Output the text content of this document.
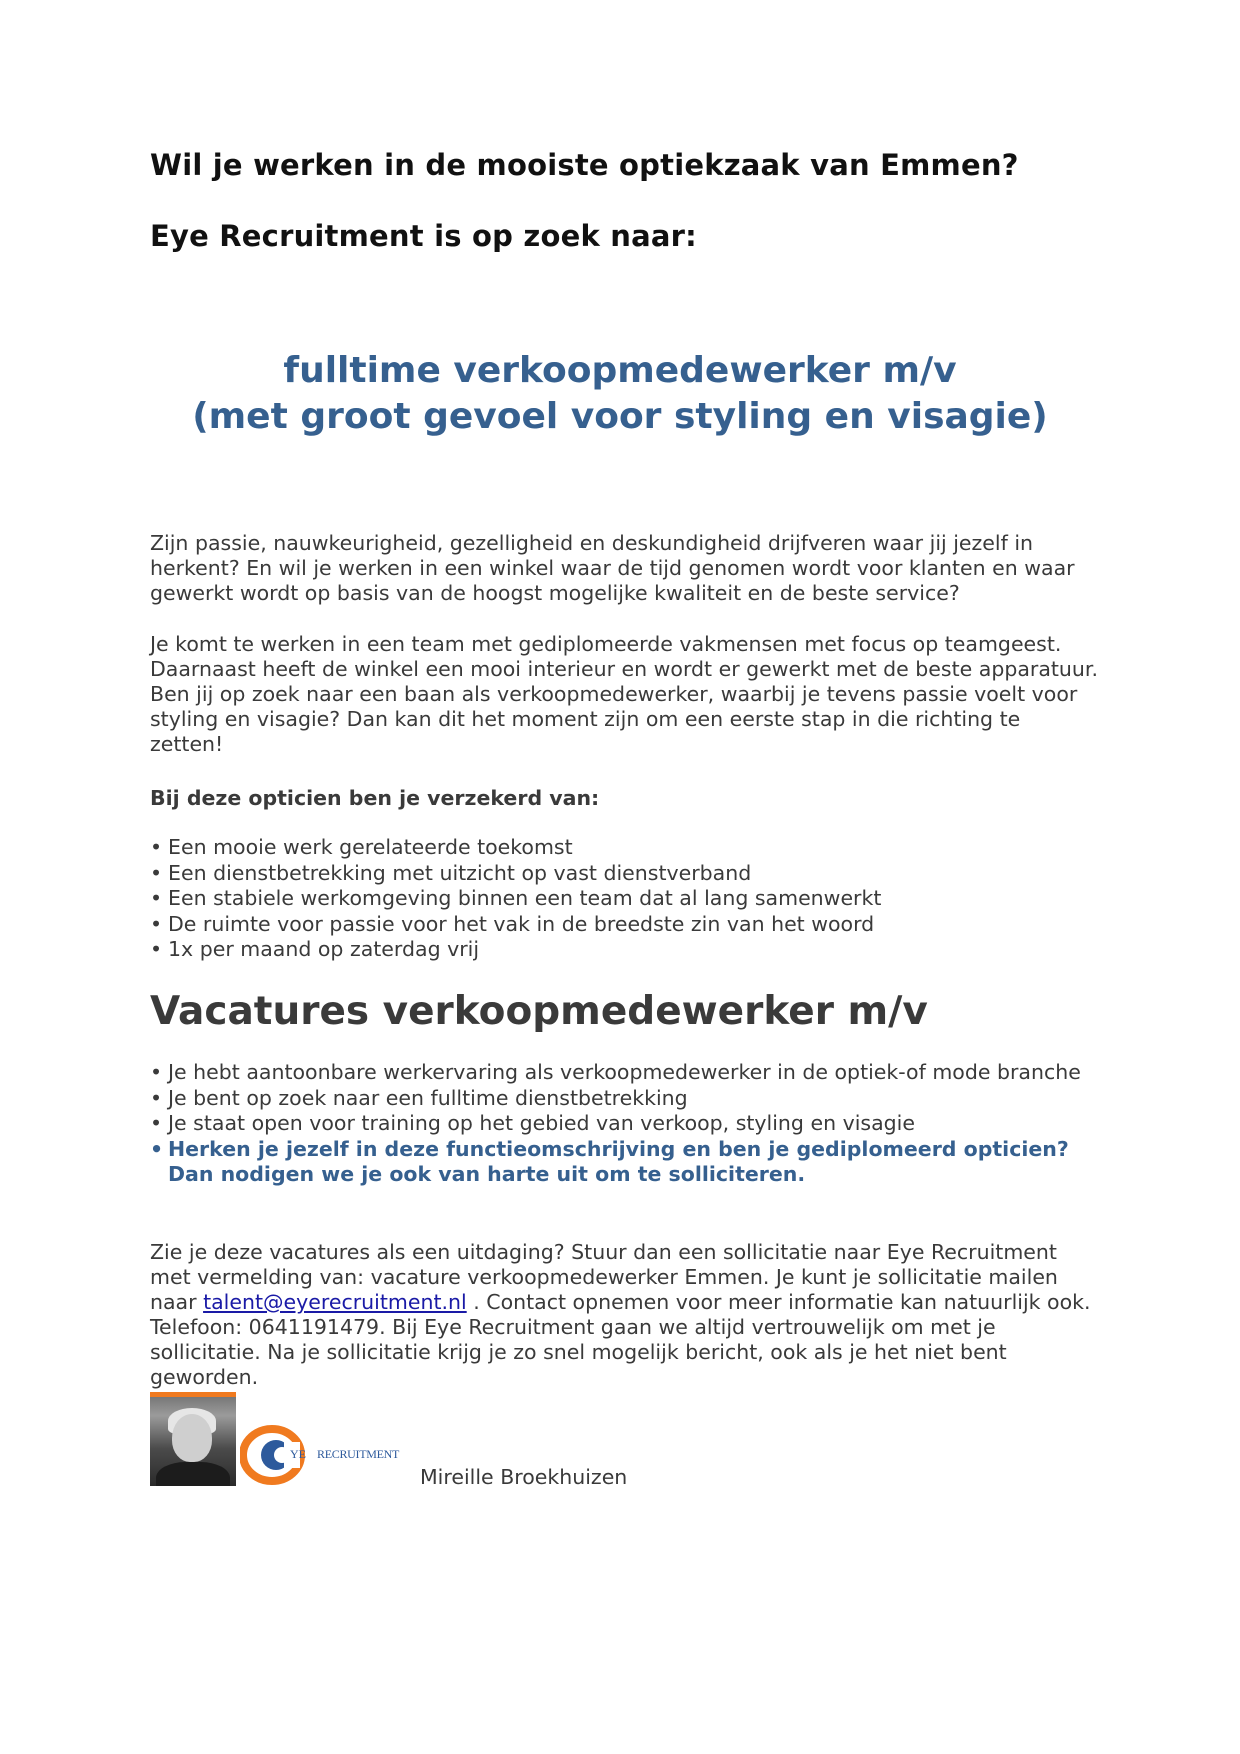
Wil je werken in de mooiste optiekzaak van Emmen?
Eye Recruitment is op zoek naar:
fulltime verkoopmedewerker m/v
(met groot gevoel voor styling en visagie)

Zijn passie, nauwkeurigheid, gezelligheid en deskundigheid drijfveren waar jij jezelf in herkent? En wil je werken in een winkel waar de tijd genomen wordt voor klanten en waar gewerkt wordt op basis van de hoogst mogelijke kwaliteit en de beste service?

Je komt te werken in een team met gediplomeerde vakmensen met focus op teamgeest. Daarnaast heeft de winkel een mooi interieur en wordt er gewerkt met de beste apparatuur. Ben jij op zoek naar een baan als verkoopmedewerker, waarbij je tevens passie voelt voor styling en visagie? Dan kan dit het moment zijn om een eerste stap in die richting te zetten!

Bij deze opticien ben je verzekerd van:

• Een mooie werk gerelateerde toekomst
• Een dienstbetrekking met uitzicht op vast dienstverband
• Een stabiele werkomgeving binnen een team dat al lang samenwerkt
• De ruimte voor passie voor het vak in de breedste zin van het woord
• 1x per maand op zaterdag vrij
Vacatures verkoopmedewerker m/v
• Je hebt aantoonbare werkervaring als verkoopmedewerker in de optiek-of mode branche
• Je bent op zoek naar een fulltime dienstbetrekking
• Je staat open voor training op het gebied van verkoop, styling en visagie
• Herken je jezelf in deze functieomschrijving en ben je gediplomeerd opticien? Dan nodigen we je ook van harte uit om te solliciteren.

Zie je deze vacatures als een uitdaging? Stuur dan een sollicitatie naar Eye Recruitment met vermelding van: vacature verkoopmedewerker Emmen. Je kunt je sollicitatie mailen naar talent@eyerecruitment.nl . Contact opnemen voor meer informatie kan natuurlijk ook. Telefoon: 0641191479. Bij Eye Recruitment gaan we altijd vertrouwelijk om met je sollicitatie. Na je sollicitatie krijg je zo snel mogelijk bericht, ook als je het niet bent geworden.

YE RECRUITMENT

Mireille Broekhuizen
